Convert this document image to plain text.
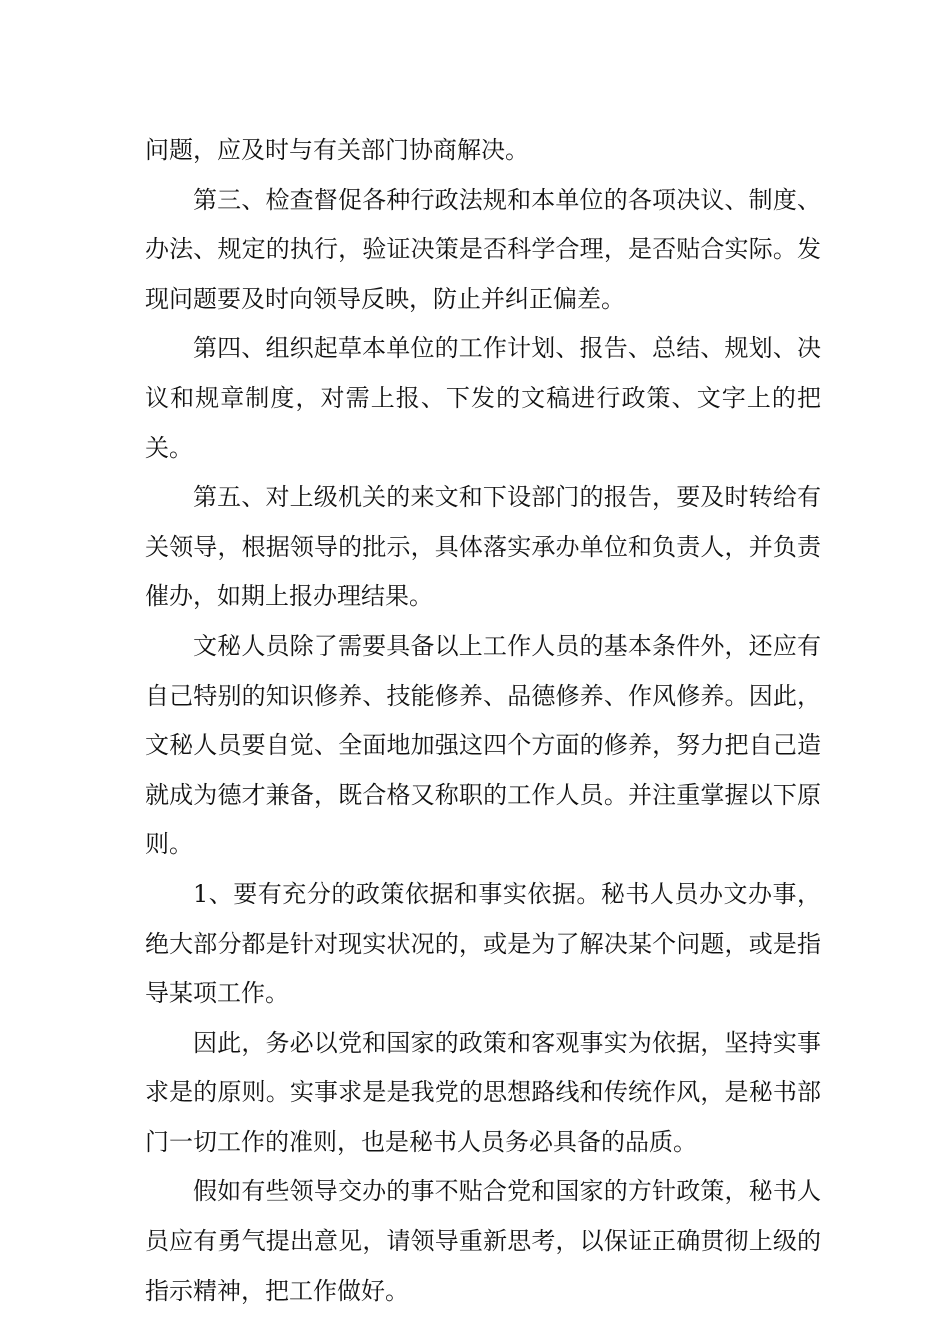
问题，应及时与有关部门协商解决。

第三、检查督促各种行政法规和本单位的各项决议、制度、办法、规定的执行，验证决策是否科学合理，是否贴合实际。发现问题要及时向领导反映，防止并纠正偏差。

第四、组织起草本单位的工作计划、报告、总结、规划、决议和规章制度，对需上报、下发的文稿进行政策、文字上的把关。

第五、对上级机关的来文和下设部门的报告，要及时转给有关领导，根据领导的批示，具体落实承办单位和负责人，并负责催办，如期上报办理结果。

文秘人员除了需要具备以上工作人员的基本条件外，还应有自己特别的知识修养、技能修养、品德修养、作风修养。因此，文秘人员要自觉、全面地加强这四个方面的修养，努力把自己造就成为德才兼备，既合格又称职的工作人员。并注重掌握以下原则。

1、要有充分的政策依据和事实依据。秘书人员办文办事，绝大部分都是针对现实状况的，或是为了解决某个问题，或是指导某项工作。

因此，务必以党和国家的政策和客观事实为依据，坚持实事求是的原则。实事求是是我党的思想路线和传统作风，是秘书部门一切工作的准则，也是秘书人员务必具备的品质。

假如有些领导交办的事不贴合党和国家的方针政策，秘书人员应有勇气提出意见，请领导重新思考，以保证正确贯彻上级的指示精神，把工作做好。
